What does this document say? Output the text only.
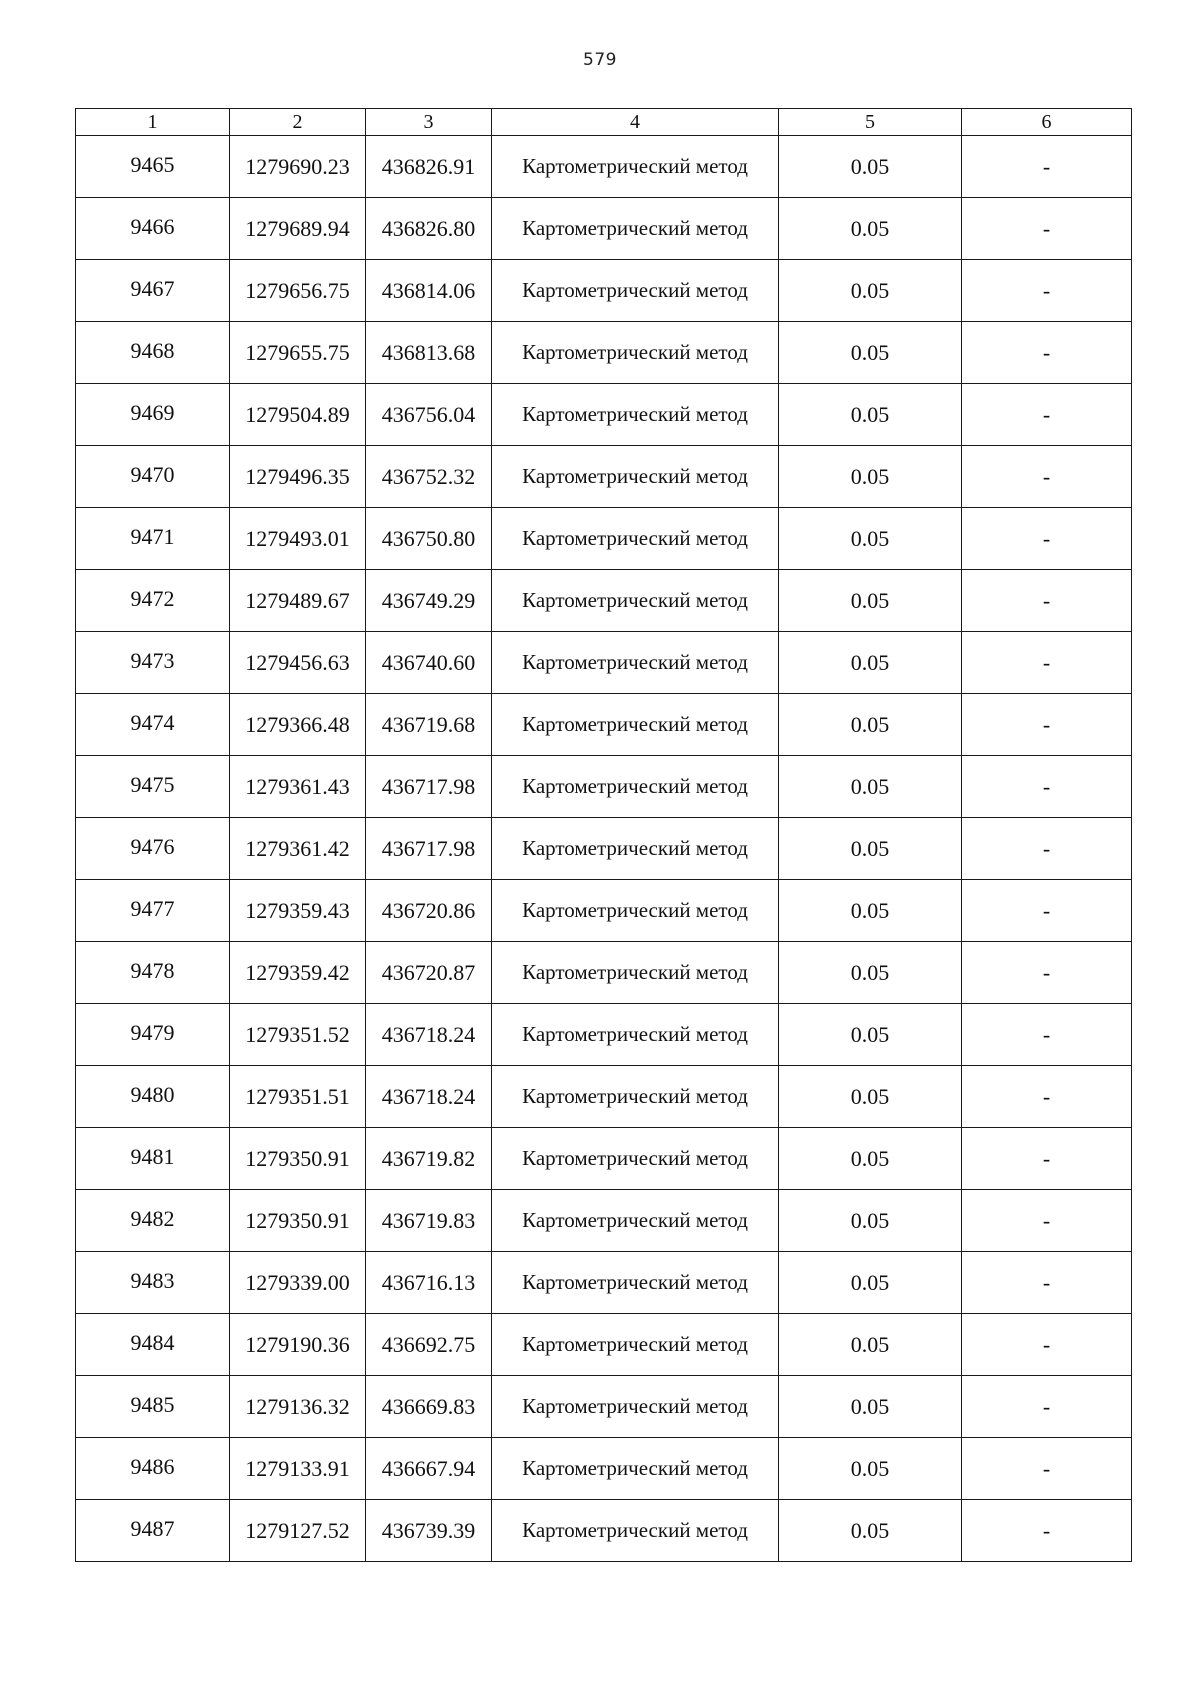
579
1	2	3	4	5	6
9465	1279690.23	436826.91	Картометрический метод	0.05	-
9466	1279689.94	436826.80	Картометрический метод	0.05	-
9467	1279656.75	436814.06	Картометрический метод	0.05	-
9468	1279655.75	436813.68	Картометрический метод	0.05	-
9469	1279504.89	436756.04	Картометрический метод	0.05	-
9470	1279496.35	436752.32	Картометрический метод	0.05	-
9471	1279493.01	436750.80	Картометрический метод	0.05	-
9472	1279489.67	436749.29	Картометрический метод	0.05	-
9473	1279456.63	436740.60	Картометрический метод	0.05	-
9474	1279366.48	436719.68	Картометрический метод	0.05	-
9475	1279361.43	436717.98	Картометрический метод	0.05	-
9476	1279361.42	436717.98	Картометрический метод	0.05	-
9477	1279359.43	436720.86	Картометрический метод	0.05	-
9478	1279359.42	436720.87	Картометрический метод	0.05	-
9479	1279351.52	436718.24	Картометрический метод	0.05	-
9480	1279351.51	436718.24	Картометрический метод	0.05	-
9481	1279350.91	436719.82	Картометрический метод	0.05	-
9482	1279350.91	436719.83	Картометрический метод	0.05	-
9483	1279339.00	436716.13	Картометрический метод	0.05	-
9484	1279190.36	436692.75	Картометрический метод	0.05	-
9485	1279136.32	436669.83	Картометрический метод	0.05	-
9486	1279133.91	436667.94	Картометрический метод	0.05	-
9487	1279127.52	436739.39	Картометрический метод	0.05	-
